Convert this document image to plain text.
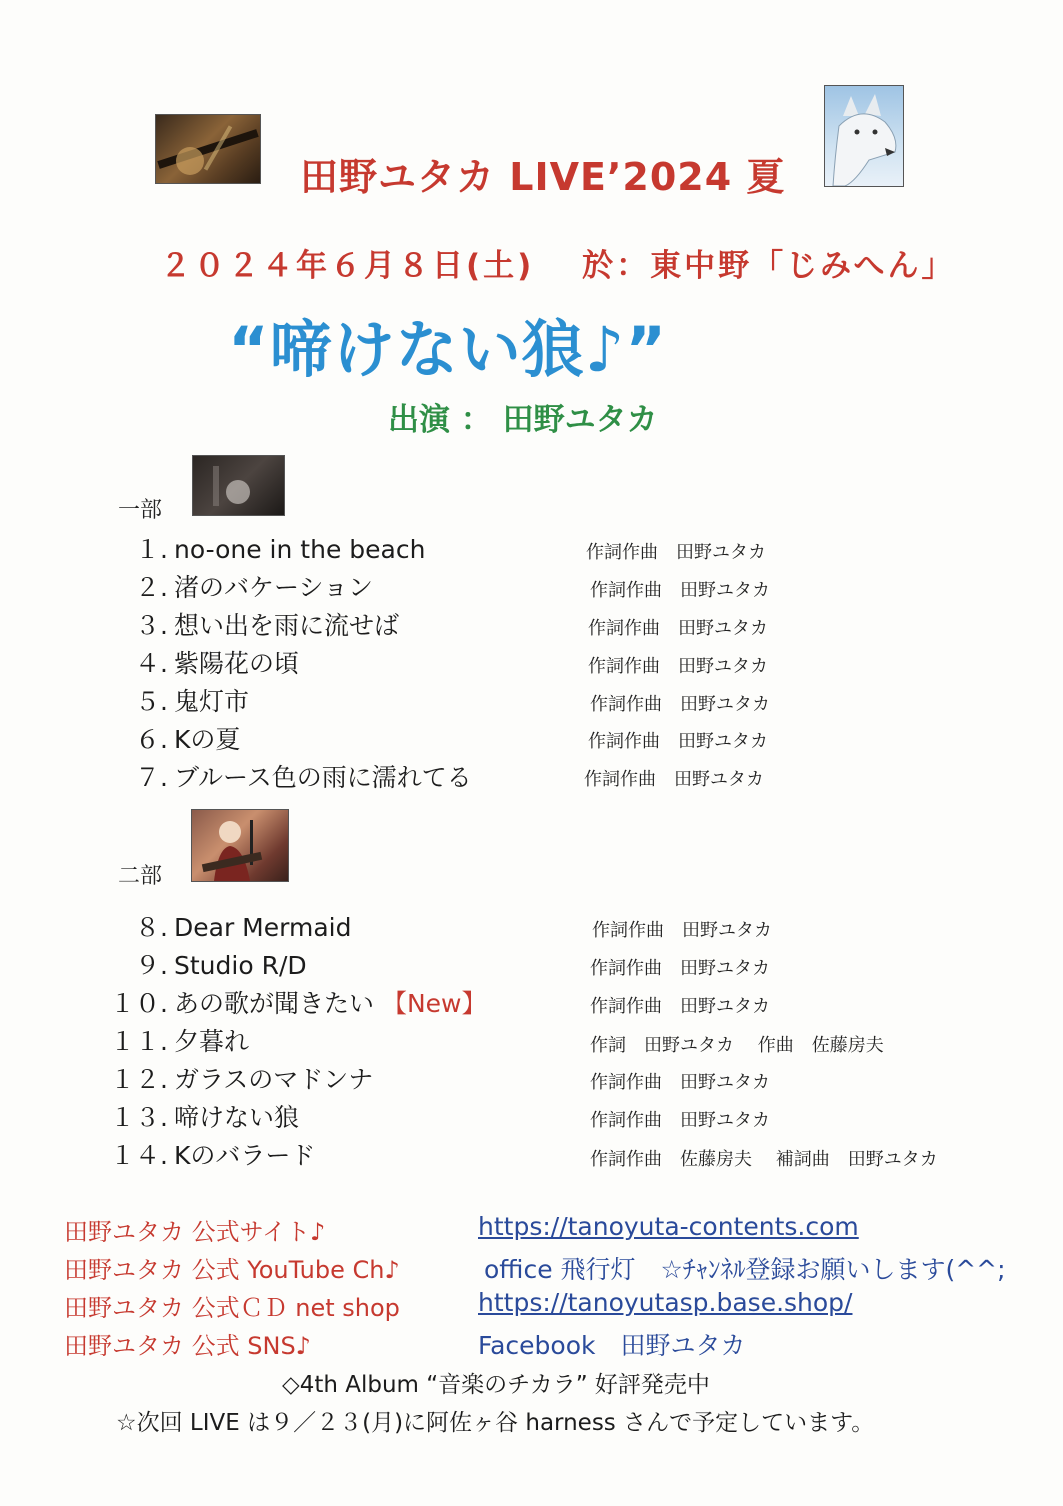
田野ユタカ LIVE’2024 夏
２０２４年６月８日(土)　 於：東中野「じみへん」
“啼けない狼♪”
出演 ： 田野ユタカ
一部
１. no-one in the beach	作詞作曲　田野ユタカ
２. 渚のバケーション	作詞作曲　田野ユタカ
３. 想い出を雨に流せば	作詞作曲　田野ユタカ
４. 紫陽花の頃	作詞作曲　田野ユタカ
５. 鬼灯市	作詞作曲　田野ユタカ
６. Kの夏	作詞作曲　田野ユタカ
７. ブルース色の雨に濡れてる	作詞作曲　田野ユタカ
二部
８. Dear Mermaid	作詞作曲　田野ユタカ
９. Studio R/D	作詞作曲　田野ユタカ
１０. あの歌が聞きたい 【New】	作詞作曲　田野ユタカ
１１. 夕暮れ	作詞　田野ユタカ　 作曲　佐藤房夫
１２. ガラスのマドンナ	作詞作曲　田野ユタカ
１３. 啼けない狼	作詞作曲　田野ユタカ
１４. Kのバラード	作詞作曲　佐藤房夫　 補詞曲　田野ユタカ
田野ユタカ 公式サイト♪	https://tanoyuta-contents.com
田野ユタカ 公式 YouTube Ch♪	office 飛行灯　☆ﾁｬﾝﾈﾙ登録お願いします(^^;
田野ユタカ 公式ＣＤ net shop	https://tanoyutasp.base.shop/
田野ユタカ 公式 SNS♪	Facebook　田野ユタカ
◇4th Album “音楽のチカラ” 好評発売中
☆次回 LIVE は９／２３(月)に阿佐ヶ谷 harness さんで予定しています。
